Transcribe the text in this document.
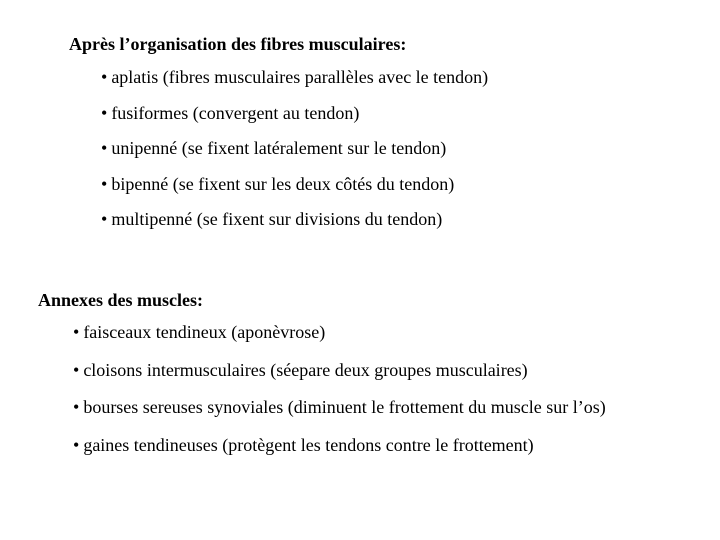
Après l’organisation des fibres musculaires:
• aplatis (fibres musculaires parallèles avec le tendon)
• fusiformes (convergent au tendon)
• unipenné (se fixent latéralement sur le tendon)
• bipenné (se fixent sur les deux côtés du tendon)
• multipenné (se fixent sur divisions du tendon)
Annexes des muscles:
• faisceaux tendineux (aponèvrose)
• cloisons intermusculaires (séepare deux groupes musculaires)
• bourses sereuses synoviales (diminuent le frottement du muscle sur l’os)
• gaines tendineuses (protègent les tendons contre le frottement)
